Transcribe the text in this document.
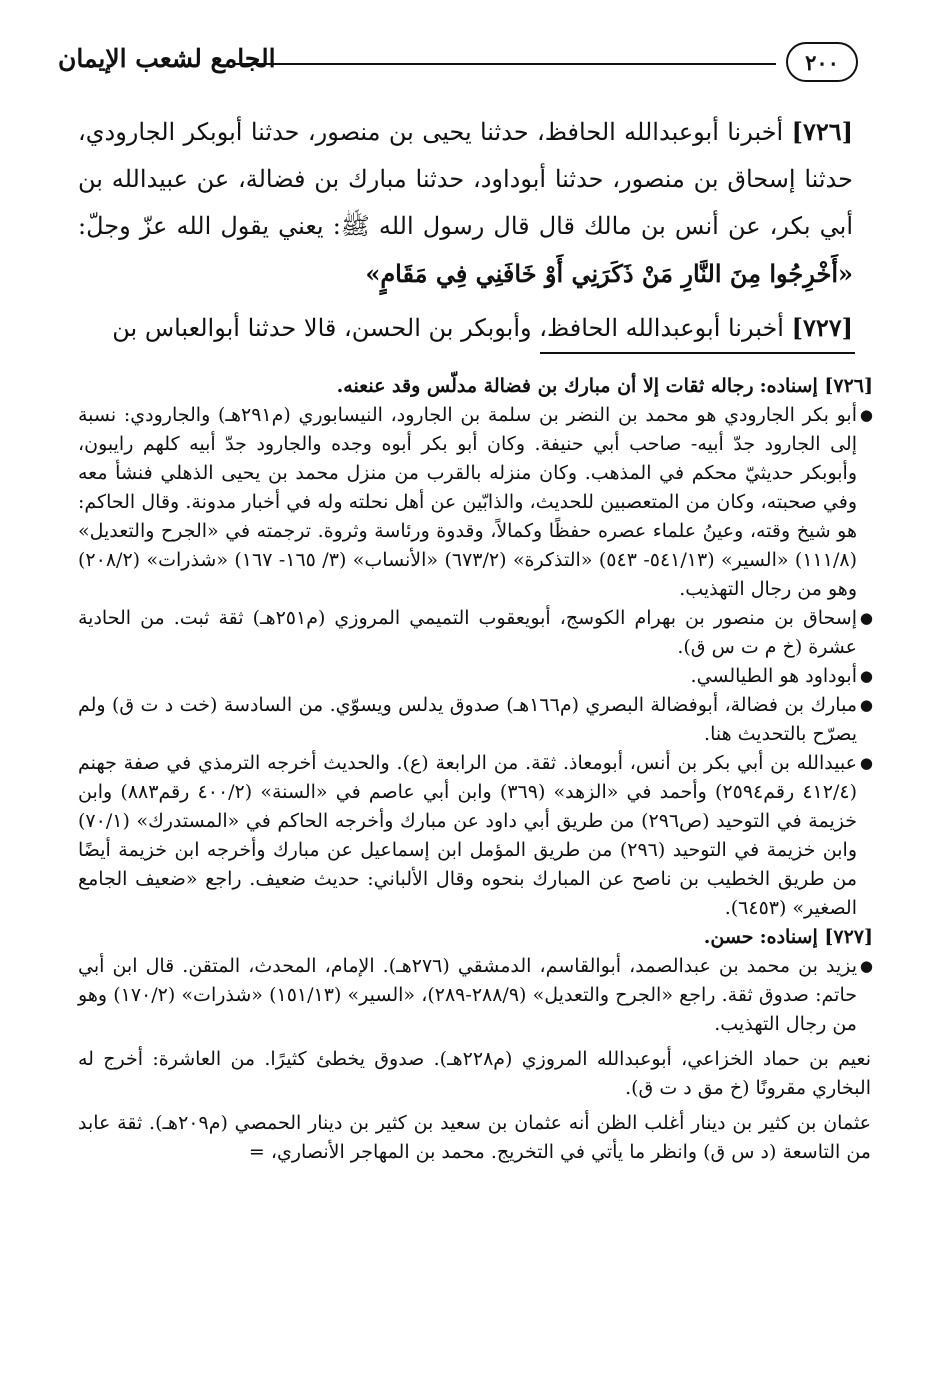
٢٠٠
الجامع لشعب الإيمان

[٧٢٦] أخبرنا أبوعبدالله الحافظ، حدثنا يحيى بن منصور، حدثنا أبوبكر الجارودي، حدثنا إسحاق بن منصور، حدثنا أبوداود، حدثنا مبارك بن فضالة، عن عبيدالله بن أبي بكر، عن أنس بن مالك قال قال رسول الله ﷺ: يعني يقول الله عزّ وجلّ: «أَخْرِجُوا مِنَ النَّارِ مَنْ ذَكَرَنِي أَوْ خَافَنِي فِي مَقَامٍ»

[٧٢٧] أخبرنا أبوعبدالله الحافظ، وأبوبكر بن الحسن، قالا حدثنا أبوالعباس بن

[٧٢٦] إسناده: رجاله ثقات إلا أن مبارك بن فضالة مدلّس وقد عنعنه.

●
أبو بكر الجارودي هو محمد بن النضر بن سلمة بن الجارود، النيسابوري (م٢٩١هـ) والجارودي: نسبة إلى الجارود جدّ أبيه- صاحب أبي حنيفة. وكان أبو بكر أبوه وجده والجارود جدّ أبيه كلهم رايبون، وأبوبكر حديثيّ محكم في المذهب. وكان منزله بالقرب من منزل محمد بن يحيى الذهلي فنشأ معه وفي صحبته، وكان من المتعصبين للحديث، والذابّين عن أهل نحلته وله في أخبار مدونة. وقال الحاكم: هو شيخ وقته، وعينُ علماء عصره حفظًا وكمالاً، وقدوة ورئاسة وثروة. ترجمته في «الجرح والتعديل» (١١١/٨) «السير» (٥٤١/١٣- ٥٤٣) «التذكرة» (٦٧٣/٢) «الأنساب» (٣/ ١٦٥- ١٦٧) «شذرات» (٢٠٨/٢) وهو من رجال التهذيب.
●
إسحاق بن منصور بن بهرام الكوسج، أبويعقوب التميمي المروزي (م٢٥١هـ) ثقة ثبت. من الحادية عشرة (خ م ت س ق).
●
أبوداود هو الطيالسي.
●
مبارك بن فضالة، أبوفضالة البصري (م١٦٦هـ) صدوق يدلس ويسوّي. من السادسة (خت د ت ق) ولم يصرّح بالتحديث هنا.
●
عبيدالله بن أبي بكر بن أنس، أبومعاذ. ثقة. من الرابعة (ع). والحديث أخرجه الترمذي في صفة جهنم (٤١٢/٤ رقم٢٥٩٤) وأحمد في «الزهد» (٣٦٩) وابن أبي عاصم في «السنة» (٤٠٠/٢ رقم٨٨٣) وابن خزيمة في التوحيد (ص٢٩٦) من طريق أبي داود عن مبارك وأخرجه الحاكم في «المستدرك» (٧٠/١) وابن خزيمة في التوحيد (٢٩٦) من طريق المؤمل ابن إسماعيل عن مبارك وأخرجه ابن خزيمة أيضًا من طريق الخطيب بن ناصح عن المبارك بنحوه وقال الألباني: حديث ضعيف. راجع «ضعيف الجامع الصغير» (٦٤٥٣).

[٧٢٧] إسناده: حسن.

●
يزيد بن محمد بن عبدالصمد، أبوالقاسم، الدمشقي (٢٧٦هـ). الإمام، المحدث، المتقن. قال ابن أبي حاتم: صدوق ثقة. راجع «الجرح والتعديل» (٢٨٨/٩-٢٨٩)، «السير» (١٥١/١٣) «شذرات» (١٧٠/٢) وهو من رجال التهذيب.

نعيم بن حماد الخزاعي، أبوعبدالله المروزي (م٢٢٨هـ). صدوق يخطئ كثيرًا. من العاشرة: أخرج له البخاري مقرونًا (خ مق د ت ق).

عثمان بن كثير بن دينار أغلب الظن أنه عثمان بن سعيد بن كثير بن دينار الحمصي (م٢٠٩هـ). ثقة عابد من التاسعة (د س ق) وانظر ما يأتي في التخريج. محمد بن المهاجر الأنصاري، =
